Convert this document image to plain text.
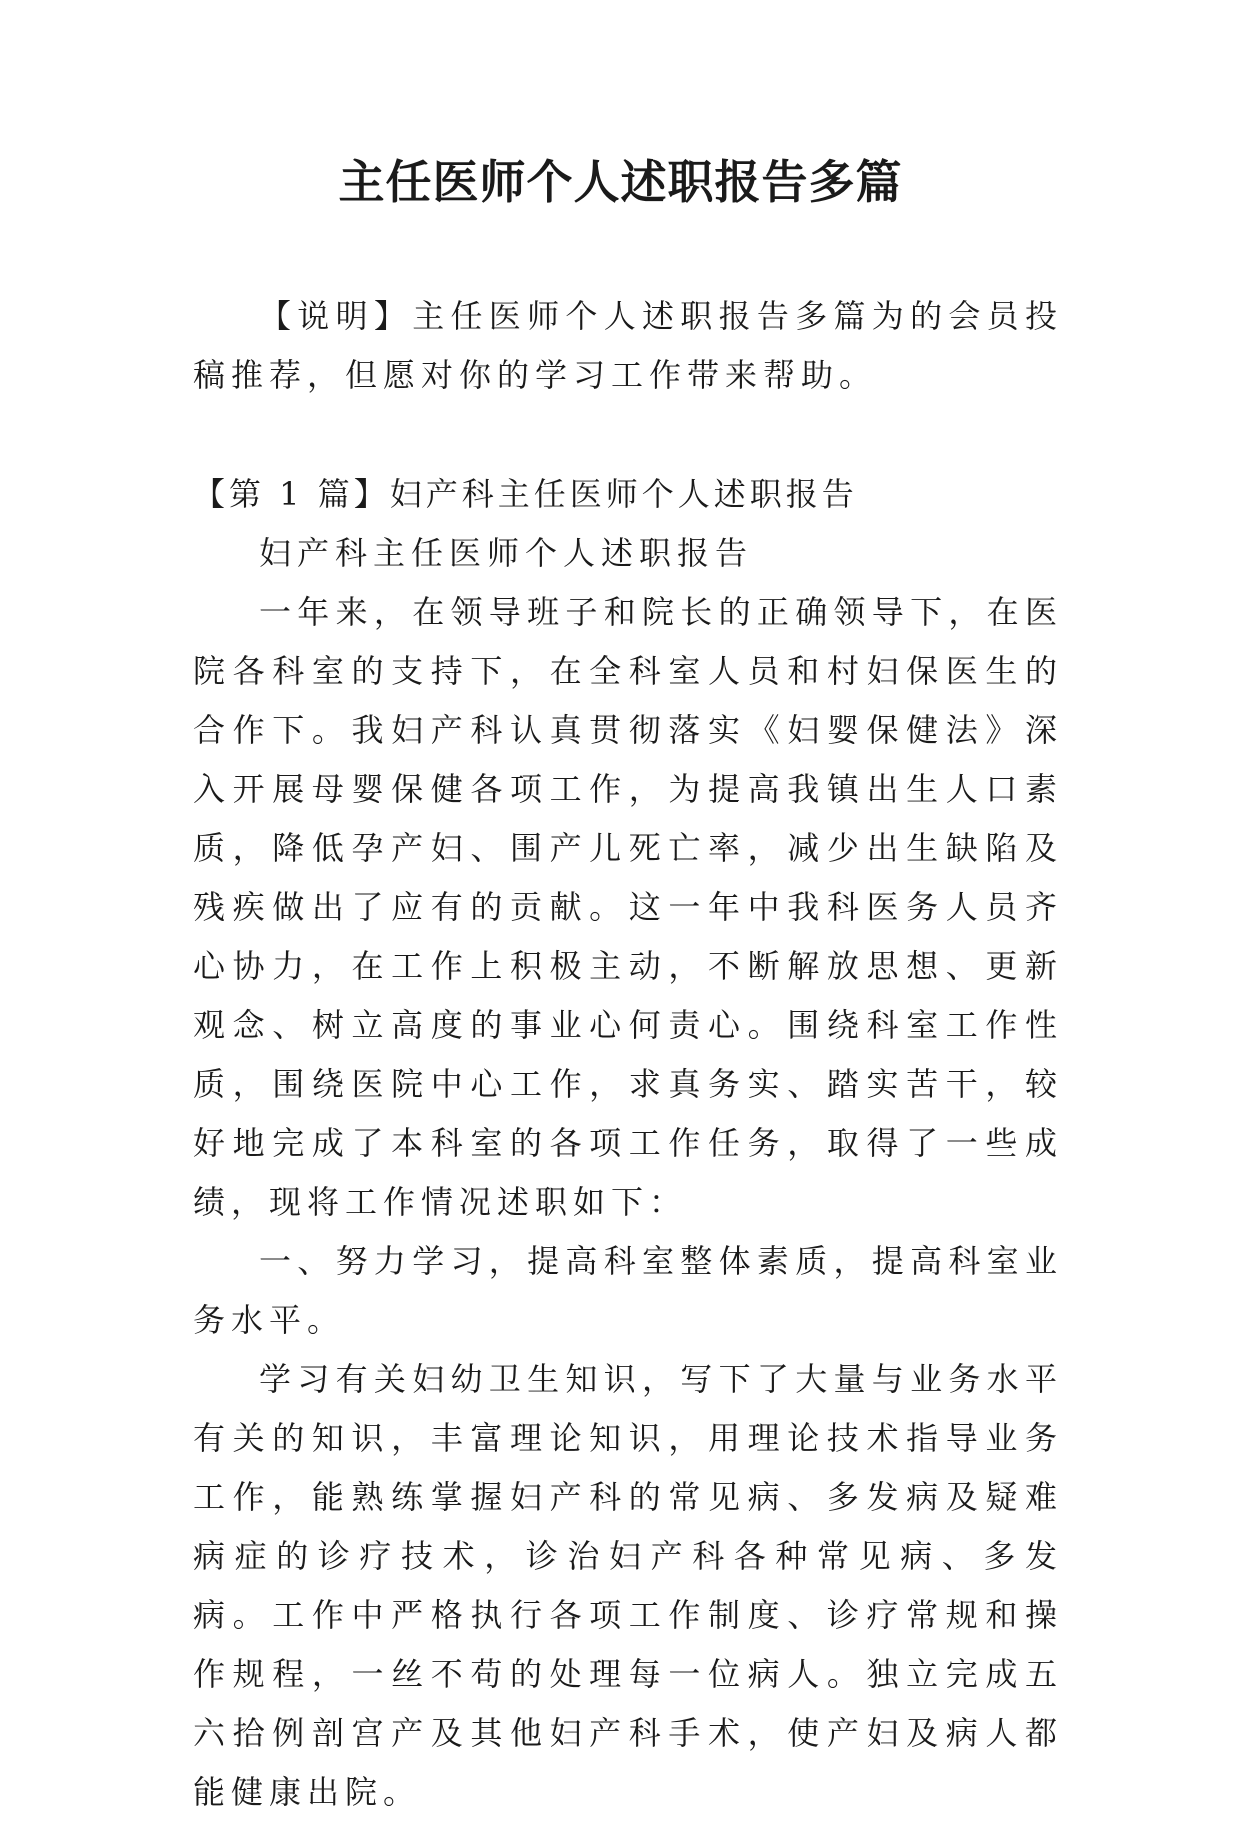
主任医师个人述职报告多篇

【说明】主任医师个人述职报告多篇为的会员投稿推荐，但愿对你的学习工作带来帮助。

【第 1 篇】妇产科主任医师个人述职报告

妇产科主任医师个人述职报告

一年来，在领导班子和院长的正确领导下，在医院各科室的支持下，在全科室人员和村妇保医生的合作下。我妇产科认真贯彻落实《妇婴保健法》深入开展母婴保健各项工作，为提高我镇出生人口素质，降低孕产妇、围产儿死亡率，减少出生缺陷及残疾做出了应有的贡献。这一年中我科医务人员齐心协力，在工作上积极主动，不断解放思想、更新观念、树立高度的事业心何责心。围绕科室工作性质，围绕医院中心工作，求真务实、踏实苦干，较好地完成了本科室的各项工作任务，取得了一些成绩，现将工作情况述职如下：

一、努力学习，提高科室整体素质，提高科室业务水平。

学习有关妇幼卫生知识，写下了大量与业务水平有关的知识，丰富理论知识，用理论技术指导业务工作，能熟练掌握妇产科的常见病、多发病及疑难病症的诊疗技术，诊治妇产科各种常见病、多发病。工作中严格执行各项工作制度、诊疗常规和操作规程，一丝不苟的处理每一位病人。独立完成五六拾例剖宫产及其他妇产科手术，使产妇及病人都能健康出院。
